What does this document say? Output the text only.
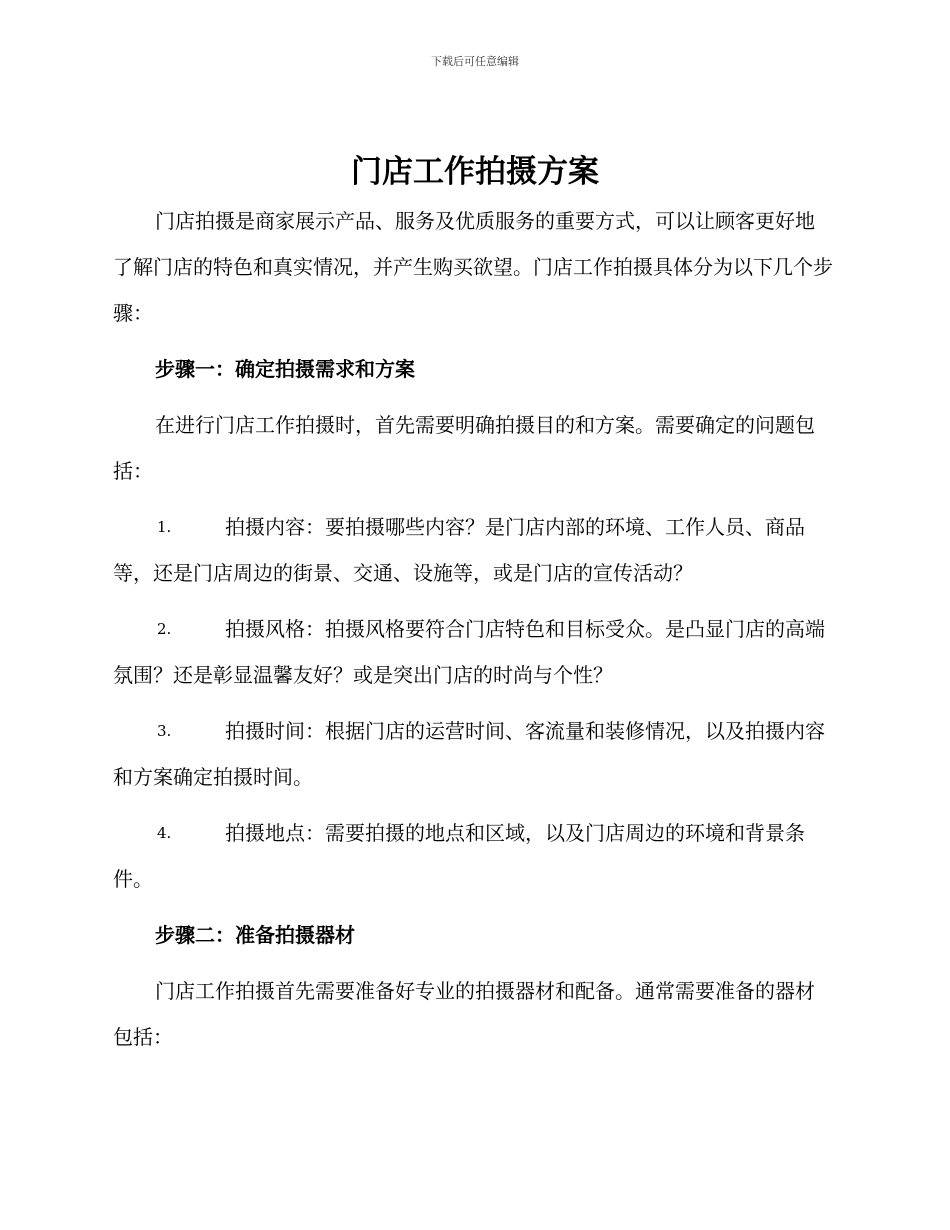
下载后可任意编辑
门店工作拍摄方案

门店拍摄是商家展示产品、服务及优质服务的重要方式，可以让顾客更好地了解门店的特色和真实情况，并产生购买欲望。门店工作拍摄具体分为以下几个步骤：

步骤一：确定拍摄需求和方案

在进行门店工作拍摄时，首先需要明确拍摄目的和方案。需要确定的问题包括：

1.	拍摄内容：要拍摄哪些内容？是门店内部的环境、工作人员、商品等，还是门店周边的街景、交通、设施等，或是门店的宣传活动？

2.	拍摄风格：拍摄风格要符合门店特色和目标受众。是凸显门店的高端氛围？还是彰显温馨友好？或是突出门店的时尚与个性？

3.	拍摄时间：根据门店的运营时间、客流量和装修情况，以及拍摄内容和方案确定拍摄时间。

4.	拍摄地点：需要拍摄的地点和区域，以及门店周边的环境和背景条件。

步骤二：准备拍摄器材

门店工作拍摄首先需要准备好专业的拍摄器材和配备。通常需要准备的器材包括：
